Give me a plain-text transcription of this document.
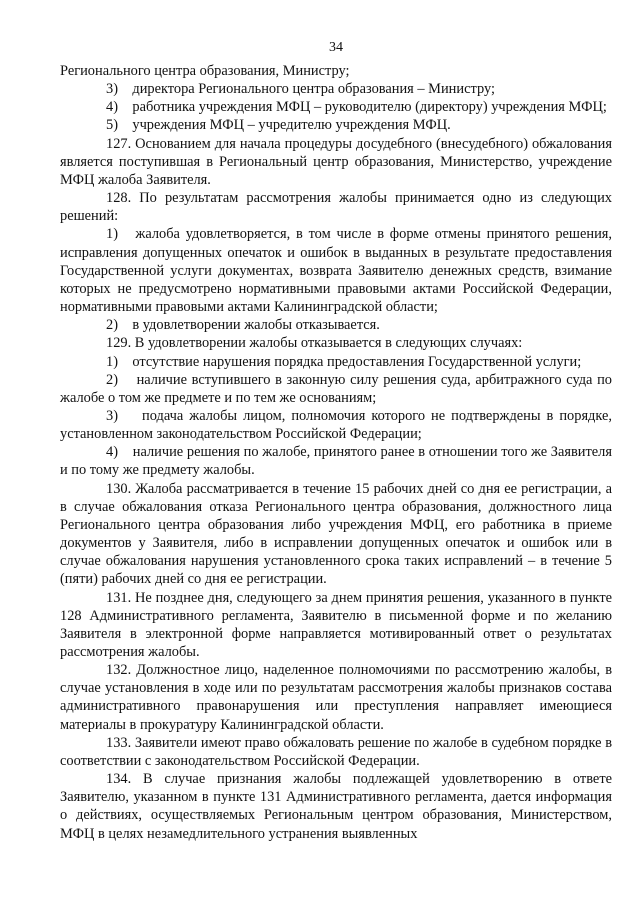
34

Регионального центра образования, Министру;

3)    директора Регионального центра образования – Министру;

4)    работника учреждения МФЦ – руководителю (директору) учреждения МФЦ;

5)    учреждения МФЦ – учредителю учреждения МФЦ.

127. Основанием для начала процедуры досудебного (внесудебного) обжалования является поступившая в Региональный центр образования, Министерство, учреждение МФЦ жалоба Заявителя.

128. По результатам рассмотрения жалобы принимается одно из следующих решений:

1)   жалоба удовлетворяется, в том числе в форме отмены принятого решения, исправления допущенных опечаток и ошибок в выданных в результате предоставления Государственной услуги документах, возврата Заявителю денежных средств, взимание которых не предусмотрено нормативными правовыми актами Российской Федерации, нормативными правовыми актами Калининградской области;

2)    в удовлетворении жалобы отказывается.

129. В удовлетворении жалобы отказывается в следующих случаях:

1)    отсутствие нарушения порядка предоставления Государственной услуги;

2)    наличие вступившего в законную силу решения суда, арбитражного суда по жалобе о том же предмете и по тем же основаниям;

3)    подача жалобы лицом, полномочия которого не подтверждены в порядке, установленном законодательством Российской Федерации;

4)    наличие решения по жалобе, принятого ранее в отношении того же Заявителя и по тому же предмету жалобы.

130. Жалоба рассматривается в течение 15 рабочих дней со дня ее регистрации, а в случае обжалования отказа Регионального центра образования, должностного лица Регионального центра образования либо учреждения МФЦ, его работника в приеме документов у Заявителя, либо в исправлении допущенных опечаток и ошибок или в случае обжалования нарушения установленного срока таких исправлений – в течение 5 (пяти) рабочих дней со дня ее регистрации.

131. Не позднее дня, следующего за днем принятия решения, указанного в пункте 128 Административного регламента, Заявителю в письменной форме и по желанию Заявителя в электронной форме направляется мотивированный ответ о результатах рассмотрения жалобы.

132. Должностное лицо, наделенное полномочиями по рассмотрению жалобы, в случае установления в ходе или по результатам рассмотрения жалобы признаков состава административного правонарушения или преступления направляет имеющиеся материалы в прокуратуру Калининградской области.

133. Заявители имеют право обжаловать решение по жалобе в судебном порядке в соответствии с законодательством Российской Федерации.

134. В случае признания жалобы подлежащей удовлетворению в ответе Заявителю, указанном в пункте 131 Административного регламента, дается информация о действиях, осуществляемых Региональным центром образования, Министерством, МФЦ в целях незамедлительного устранения выявленных
